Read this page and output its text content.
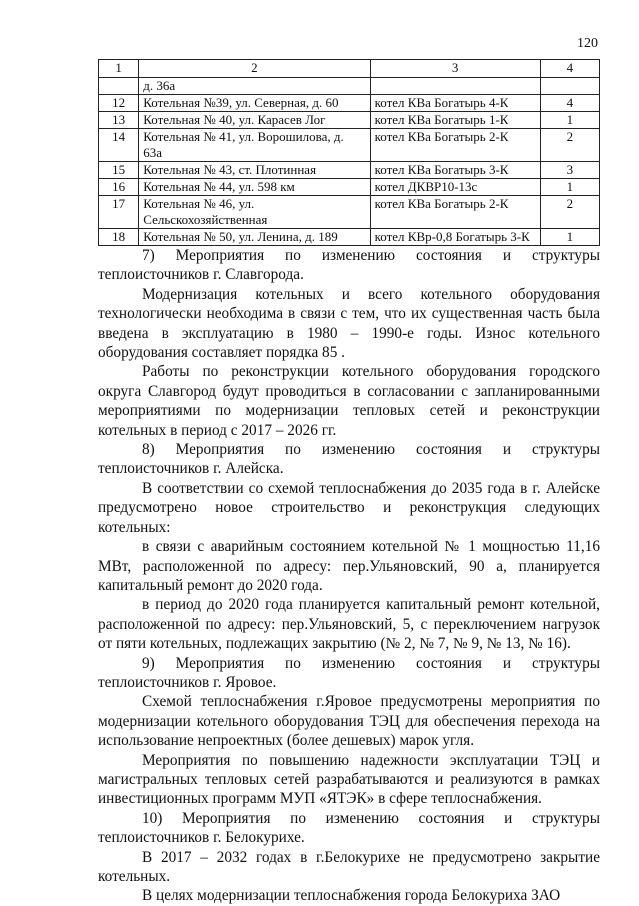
120
1	2	3	4
	д. 36а		
12	Котельная №39, ул. Северная, д. 60	котел КВа Богатырь 4-К	4
13	Котельная № 40, ул. Карасев Лог	котел КВа Богатырь 1-К	1
14	Котельная № 41, ул. Ворошилова, д. 63а	котел КВа Богатырь 2-К	2
15	Котельная № 43, ст. Плотинная	котел КВа Богатырь 3-К	3
16	Котельная № 44, ул. 598 км	котел ДКВР10-13с	1
17	Котельная № 46, ул. Сельскохозяйственная	котел КВа Богатырь 2-К	2
18	Котельная № 50, ул. Ленина, д. 189	котел КВр-0,8 Богатырь 3-К	1

7) Мероприятия по изменению состояния и структуры теплоисточников г. Славгорода.

Модернизация котельных и всего котельного оборудования технологически необходима в связи с тем, что их существенная часть была введена в эксплуатацию в 1980 – 1990-е годы. Износ котельного оборудования составляет порядка 85 .

Работы по реконструкции котельного оборудования городского округа Славгород будут проводиться в согласовании с запланированными мероприятиями по модернизации тепловых сетей и реконструкции котельных в период с 2017 – 2026 гг.

8) Мероприятия по изменению состояния и структуры теплоисточников г. Алейска.

В соответствии со схемой теплоснабжения до 2035 года в г. Алейске предусмотрено новое строительство и реконструкция следующих котельных:

в связи с аварийным состоянием котельной № 1 мощностью 11,16 МВт, расположенной по адресу: пер.Ульяновский, 90 а, планируется капитальный ремонт до 2020 года.

в период до 2020 года планируется капитальный ремонт котельной, расположенной по адресу: пер.Ульяновский, 5, с переключением нагрузок от пяти котельных, подлежащих закрытию (№ 2, № 7, № 9, № 13, № 16).

9) Мероприятия по изменению состояния и структуры теплоисточников г. Яровое.

Схемой теплоснабжения г.Яровое предусмотрены мероприятия по модернизации котельного оборудования ТЭЦ для обеспечения перехода на использование непроектных (более дешевых) марок угля.

Мероприятия по повышению надежности эксплуатации ТЭЦ и магистральных тепловых сетей разрабатываются и реализуются в рамках инвестиционных программ МУП «ЯТЭК» в сфере теплоснабжения.

10) Мероприятия по изменению состояния и структуры теплоисточников г. Белокурихе.

В 2017 – 2032 годах в г.Белокурихе не предусмотрено закрытие котельных.

В целях модернизации теплоснабжения города Белокуриха ЗАО
